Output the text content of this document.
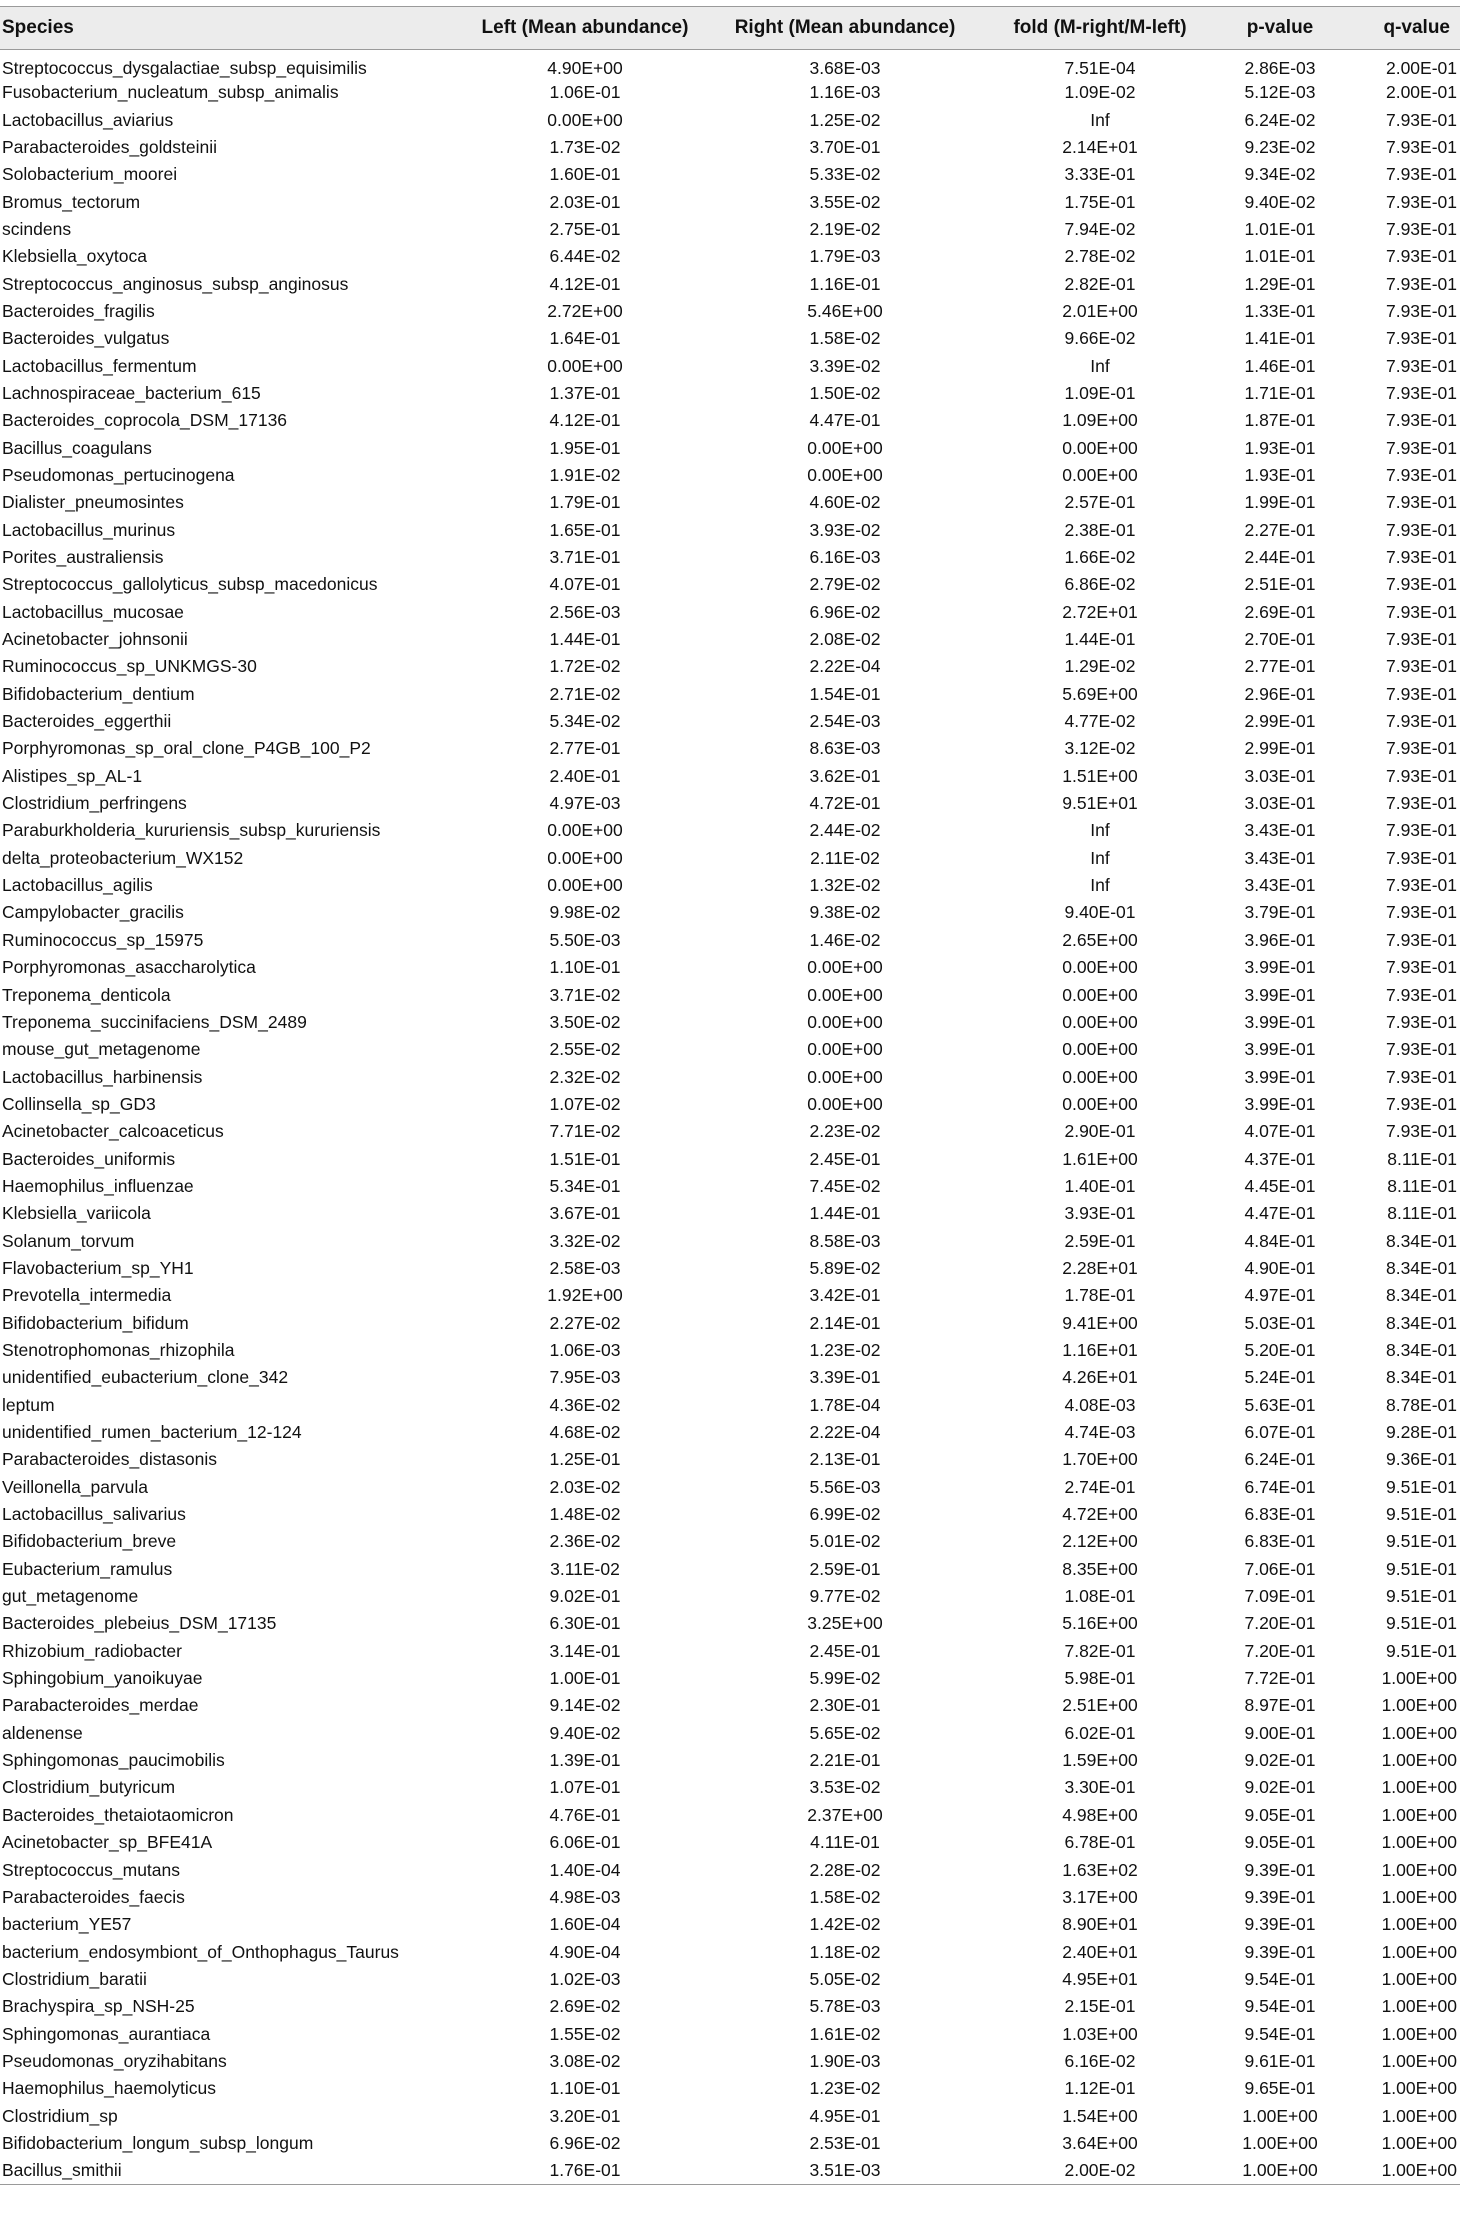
Species	Left (Mean abundance)	Right (Mean abundance)	fold (M-right/M-left)	p-value	q-value
Streptococcus_dysgalactiae_subsp_equisimilis	4.90E+00	3.68E-03	7.51E-04	2.86E-03	2.00E-01
Fusobacterium_nucleatum_subsp_animalis	1.06E-01	1.16E-03	1.09E-02	5.12E-03	2.00E-01
Lactobacillus_aviarius	0.00E+00	1.25E-02	Inf	6.24E-02	7.93E-01
Parabacteroides_goldsteinii	1.73E-02	3.70E-01	2.14E+01	9.23E-02	7.93E-01
Solobacterium_moorei	1.60E-01	5.33E-02	3.33E-01	9.34E-02	7.93E-01
Bromus_tectorum	2.03E-01	3.55E-02	1.75E-01	9.40E-02	7.93E-01
scindens	2.75E-01	2.19E-02	7.94E-02	1.01E-01	7.93E-01
Klebsiella_oxytoca	6.44E-02	1.79E-03	2.78E-02	1.01E-01	7.93E-01
Streptococcus_anginosus_subsp_anginosus	4.12E-01	1.16E-01	2.82E-01	1.29E-01	7.93E-01
Bacteroides_fragilis	2.72E+00	5.46E+00	2.01E+00	1.33E-01	7.93E-01
Bacteroides_vulgatus	1.64E-01	1.58E-02	9.66E-02	1.41E-01	7.93E-01
Lactobacillus_fermentum	0.00E+00	3.39E-02	Inf	1.46E-01	7.93E-01
Lachnospiraceae_bacterium_615	1.37E-01	1.50E-02	1.09E-01	1.71E-01	7.93E-01
Bacteroides_coprocola_DSM_17136	4.12E-01	4.47E-01	1.09E+00	1.87E-01	7.93E-01
Bacillus_coagulans	1.95E-01	0.00E+00	0.00E+00	1.93E-01	7.93E-01
Pseudomonas_pertucinogena	1.91E-02	0.00E+00	0.00E+00	1.93E-01	7.93E-01
Dialister_pneumosintes	1.79E-01	4.60E-02	2.57E-01	1.99E-01	7.93E-01
Lactobacillus_murinus	1.65E-01	3.93E-02	2.38E-01	2.27E-01	7.93E-01
Porites_australiensis	3.71E-01	6.16E-03	1.66E-02	2.44E-01	7.93E-01
Streptococcus_gallolyticus_subsp_macedonicus	4.07E-01	2.79E-02	6.86E-02	2.51E-01	7.93E-01
Lactobacillus_mucosae	2.56E-03	6.96E-02	2.72E+01	2.69E-01	7.93E-01
Acinetobacter_johnsonii	1.44E-01	2.08E-02	1.44E-01	2.70E-01	7.93E-01
Ruminococcus_sp_UNKMGS-30	1.72E-02	2.22E-04	1.29E-02	2.77E-01	7.93E-01
Bifidobacterium_dentium	2.71E-02	1.54E-01	5.69E+00	2.96E-01	7.93E-01
Bacteroides_eggerthii	5.34E-02	2.54E-03	4.77E-02	2.99E-01	7.93E-01
Porphyromonas_sp_oral_clone_P4GB_100_P2	2.77E-01	8.63E-03	3.12E-02	2.99E-01	7.93E-01
Alistipes_sp_AL-1	2.40E-01	3.62E-01	1.51E+00	3.03E-01	7.93E-01
Clostridium_perfringens	4.97E-03	4.72E-01	9.51E+01	3.03E-01	7.93E-01
Paraburkholderia_kururiensis_subsp_kururiensis	0.00E+00	2.44E-02	Inf	3.43E-01	7.93E-01
delta_proteobacterium_WX152	0.00E+00	2.11E-02	Inf	3.43E-01	7.93E-01
Lactobacillus_agilis	0.00E+00	1.32E-02	Inf	3.43E-01	7.93E-01
Campylobacter_gracilis	9.98E-02	9.38E-02	9.40E-01	3.79E-01	7.93E-01
Ruminococcus_sp_15975	5.50E-03	1.46E-02	2.65E+00	3.96E-01	7.93E-01
Porphyromonas_asaccharolytica	1.10E-01	0.00E+00	0.00E+00	3.99E-01	7.93E-01
Treponema_denticola	3.71E-02	0.00E+00	0.00E+00	3.99E-01	7.93E-01
Treponema_succinifaciens_DSM_2489	3.50E-02	0.00E+00	0.00E+00	3.99E-01	7.93E-01
mouse_gut_metagenome	2.55E-02	0.00E+00	0.00E+00	3.99E-01	7.93E-01
Lactobacillus_harbinensis	2.32E-02	0.00E+00	0.00E+00	3.99E-01	7.93E-01
Collinsella_sp_GD3	1.07E-02	0.00E+00	0.00E+00	3.99E-01	7.93E-01
Acinetobacter_calcoaceticus	7.71E-02	2.23E-02	2.90E-01	4.07E-01	7.93E-01
Bacteroides_uniformis	1.51E-01	2.45E-01	1.61E+00	4.37E-01	8.11E-01
Haemophilus_influenzae	5.34E-01	7.45E-02	1.40E-01	4.45E-01	8.11E-01
Klebsiella_variicola	3.67E-01	1.44E-01	3.93E-01	4.47E-01	8.11E-01
Solanum_torvum	3.32E-02	8.58E-03	2.59E-01	4.84E-01	8.34E-01
Flavobacterium_sp_YH1	2.58E-03	5.89E-02	2.28E+01	4.90E-01	8.34E-01
Prevotella_intermedia	1.92E+00	3.42E-01	1.78E-01	4.97E-01	8.34E-01
Bifidobacterium_bifidum	2.27E-02	2.14E-01	9.41E+00	5.03E-01	8.34E-01
Stenotrophomonas_rhizophila	1.06E-03	1.23E-02	1.16E+01	5.20E-01	8.34E-01
unidentified_eubacterium_clone_342	7.95E-03	3.39E-01	4.26E+01	5.24E-01	8.34E-01
leptum	4.36E-02	1.78E-04	4.08E-03	5.63E-01	8.78E-01
unidentified_rumen_bacterium_12-124	4.68E-02	2.22E-04	4.74E-03	6.07E-01	9.28E-01
Parabacteroides_distasonis	1.25E-01	2.13E-01	1.70E+00	6.24E-01	9.36E-01
Veillonella_parvula	2.03E-02	5.56E-03	2.74E-01	6.74E-01	9.51E-01
Lactobacillus_salivarius	1.48E-02	6.99E-02	4.72E+00	6.83E-01	9.51E-01
Bifidobacterium_breve	2.36E-02	5.01E-02	2.12E+00	6.83E-01	9.51E-01
Eubacterium_ramulus	3.11E-02	2.59E-01	8.35E+00	7.06E-01	9.51E-01
gut_metagenome	9.02E-01	9.77E-02	1.08E-01	7.09E-01	9.51E-01
Bacteroides_plebeius_DSM_17135	6.30E-01	3.25E+00	5.16E+00	7.20E-01	9.51E-01
Rhizobium_radiobacter	3.14E-01	2.45E-01	7.82E-01	7.20E-01	9.51E-01
Sphingobium_yanoikuyae	1.00E-01	5.99E-02	5.98E-01	7.72E-01	1.00E+00
Parabacteroides_merdae	9.14E-02	2.30E-01	2.51E+00	8.97E-01	1.00E+00
aldenense	9.40E-02	5.65E-02	6.02E-01	9.00E-01	1.00E+00
Sphingomonas_paucimobilis	1.39E-01	2.21E-01	1.59E+00	9.02E-01	1.00E+00
Clostridium_butyricum	1.07E-01	3.53E-02	3.30E-01	9.02E-01	1.00E+00
Bacteroides_thetaiotaomicron	4.76E-01	2.37E+00	4.98E+00	9.05E-01	1.00E+00
Acinetobacter_sp_BFE41A	6.06E-01	4.11E-01	6.78E-01	9.05E-01	1.00E+00
Streptococcus_mutans	1.40E-04	2.28E-02	1.63E+02	9.39E-01	1.00E+00
Parabacteroides_faecis	4.98E-03	1.58E-02	3.17E+00	9.39E-01	1.00E+00
bacterium_YE57	1.60E-04	1.42E-02	8.90E+01	9.39E-01	1.00E+00
bacterium_endosymbiont_of_Onthophagus_Taurus	4.90E-04	1.18E-02	2.40E+01	9.39E-01	1.00E+00
Clostridium_baratii	1.02E-03	5.05E-02	4.95E+01	9.54E-01	1.00E+00
Brachyspira_sp_NSH-25	2.69E-02	5.78E-03	2.15E-01	9.54E-01	1.00E+00
Sphingomonas_aurantiaca	1.55E-02	1.61E-02	1.03E+00	9.54E-01	1.00E+00
Pseudomonas_oryzihabitans	3.08E-02	1.90E-03	6.16E-02	9.61E-01	1.00E+00
Haemophilus_haemolyticus	1.10E-01	1.23E-02	1.12E-01	9.65E-01	1.00E+00
Clostridium_sp	3.20E-01	4.95E-01	1.54E+00	1.00E+00	1.00E+00
Bifidobacterium_longum_subsp_longum	6.96E-02	2.53E-01	3.64E+00	1.00E+00	1.00E+00
Bacillus_smithii	1.76E-01	3.51E-03	2.00E-02	1.00E+00	1.00E+00
